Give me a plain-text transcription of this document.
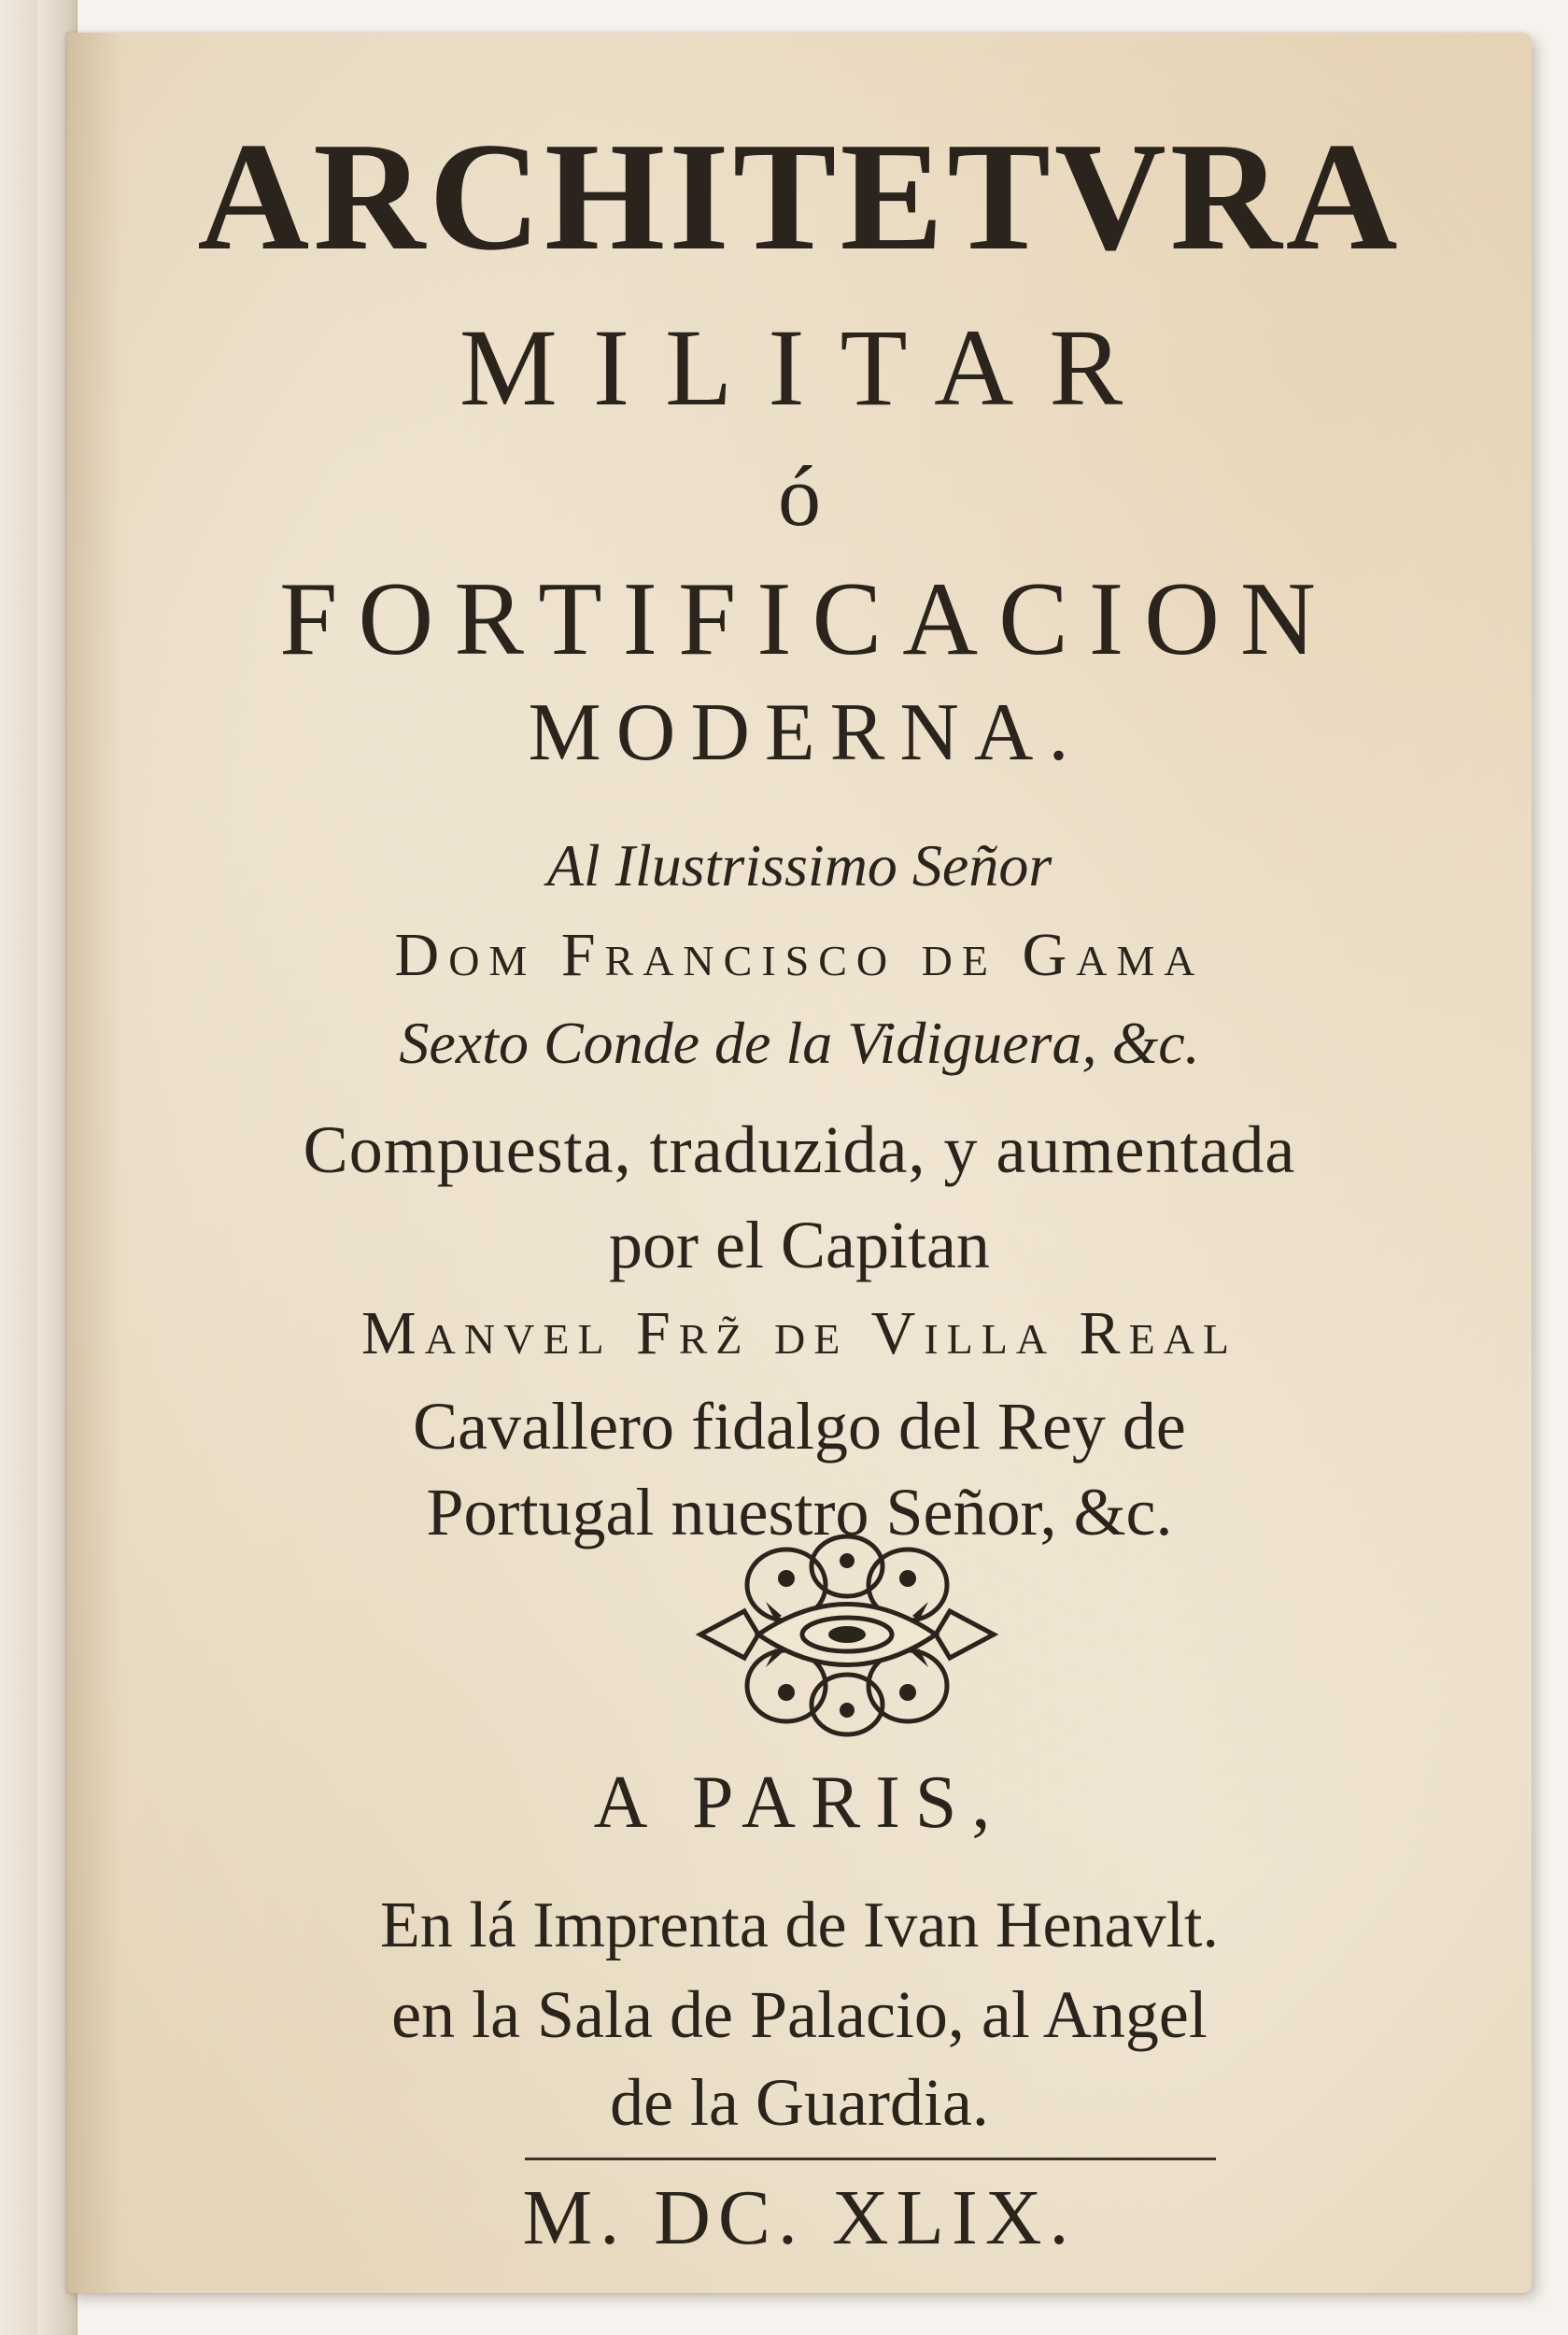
ARCHITETVRA
MILITAR
ó
FORTIFICACION
MODERNA.
Al Ilustrissimo Señor
Dom Francisco de Gama
Sexto Conde de la Vidiguera, &c.
Compuesta, traduzida, y aumentada
por el Capitan
Manvel Frz̃ de Villa Real
Cavallero fidalgo del Rey de
Portugal nuestro Señor, &c.
A PARIS,
En lá Imprenta de Ivan Henavlt.
en la Sala de Palacio, al Angel
de la Guardia.
M. DC. XLIX.
